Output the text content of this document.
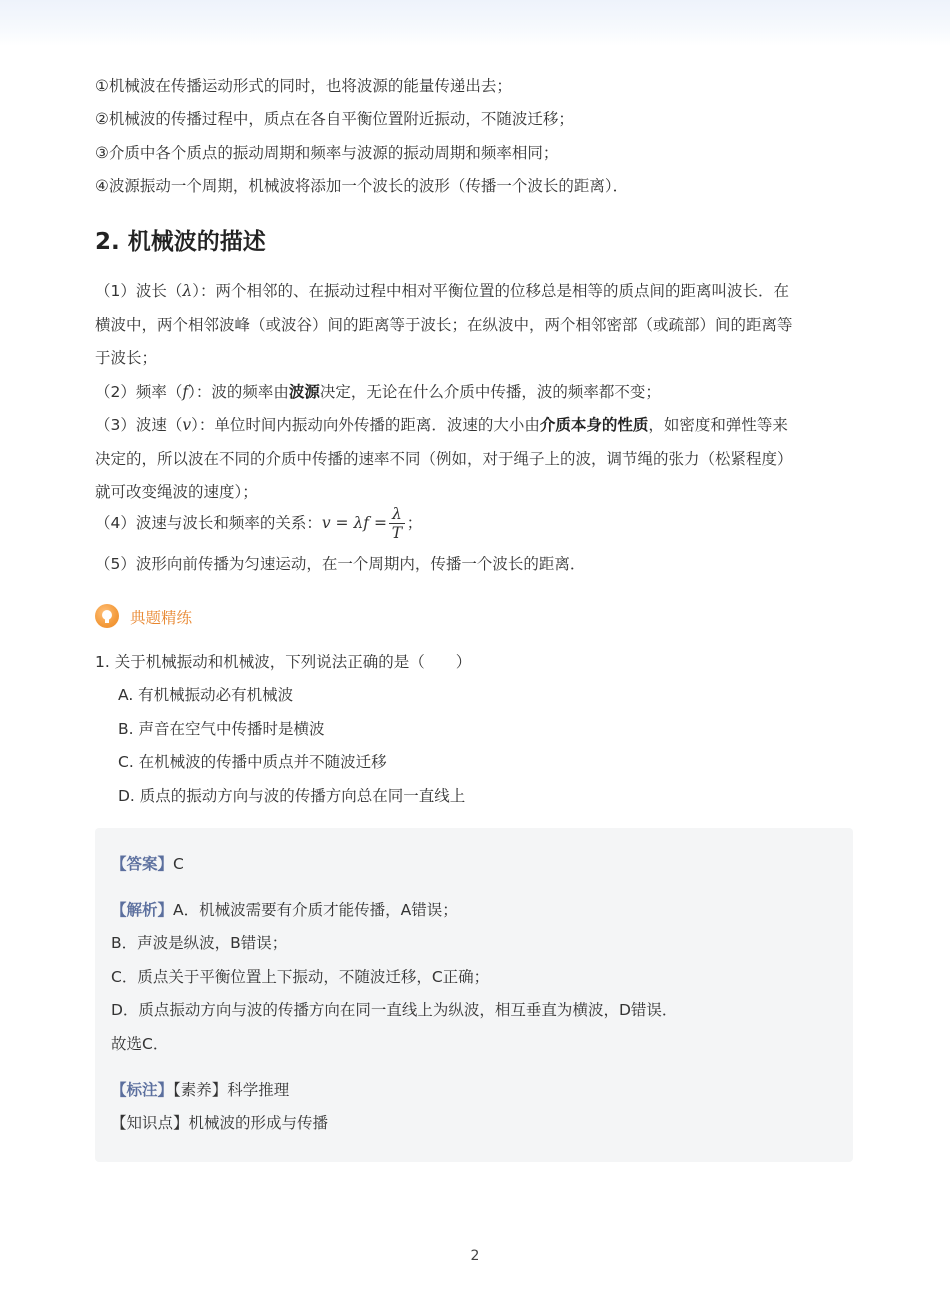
①机械波在传播运动形式的同时，也将波源的能量传递出去；
②机械波的传播过程中，质点在各自平衡位置附近振动，不随波迁移；
③介质中各个质点的振动周期和频率与波源的振动周期和频率相同；
④波源振动一个周期，机械波将添加一个波长的波形（传播一个波长的距离）．
2. 机械波的描述
（1）波长（λ）：两个相邻的、在振动过程中相对平衡位置的位移总是相等的质点间的距离叫波长．在
横波中，两个相邻波峰（或波谷）间的距离等于波长；在纵波中，两个相邻密部（或疏部）间的距离等
于波长；
（2）频率（f）：波的频率由波源决定，无论在什么介质中传播，波的频率都不变；
（3）波速（v）：单位时间内振动向外传播的距离．波速的大小由介质本身的性质，如密度和弹性等来
决定的，所以波在不同的介质中传播的速率不同（例如，对于绳子上的波，调节绳的张力（松紧程度）
就可改变绳波的速度）；
（4）波速与波长和频率的关系：$v = \lambda f = \frac{\lambda}{T}$ ；
（5）波形向前传播为匀速运动，在一个周期内，传播一个波长的距离．
典题精练
1. 关于机械振动和机械波，下列说法正确的是（　　）
A. 有机械振动必有机械波
B. 声音在空气中传播时是横波
C. 在机械波的传播中质点并不随波迁移
D. 质点的振动方向与波的传播方向总在同一直线上
【答案】C
【解析】A．机械波需要有介质才能传播，A错误；
B．声波是纵波，B错误；
C．质点关于平衡位置上下振动，不随波迁移，C正确；
D．质点振动方向与波的传播方向在同一直线上为纵波，相互垂直为横波，D错误．
故选C．
【标注】【素养】科学推理
【知识点】机械波的形成与传播
2
